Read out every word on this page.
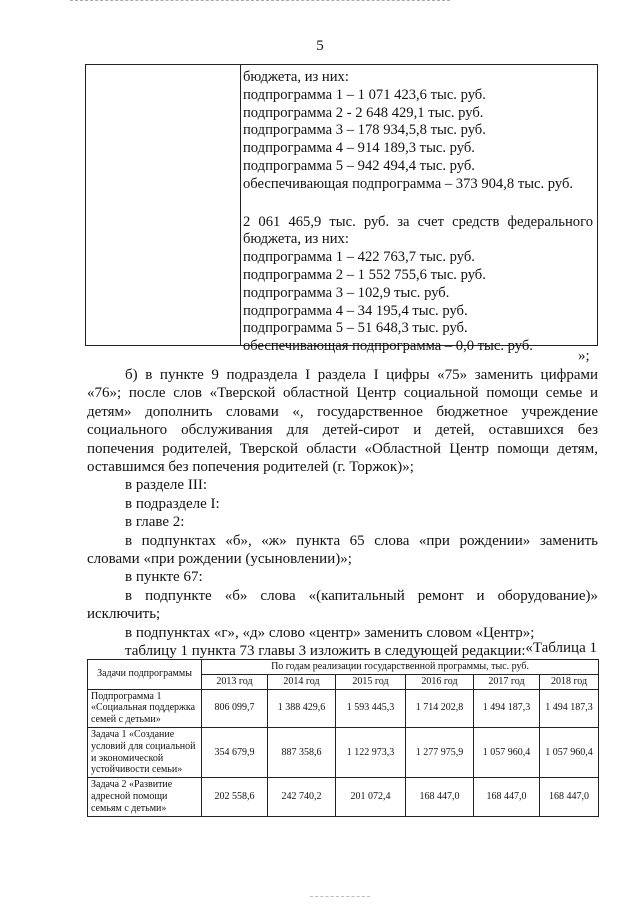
5
бюджета, из них:
подпрограмма 1 – 1 071 423,6 тыс. руб.
подпрограмма 2 - 2 648 429,1 тыс. руб.
подпрограмма 3 – 178 934,5,8 тыс. руб.
подпрограмма 4 – 914 189,3 тыс. руб.
подпрограмма 5 – 942 494,4 тыс. руб.
обеспечивающая подпрограмма – 373 904,8 тыс. руб.
2 061 465,9 тыс. руб. за счет средств федерального
бюджета, из них:
подпрограмма 1 – 422 763,7 тыс. руб.
подпрограмма 2 – 1 552 755,6 тыс. руб.
подпрограмма 3 – 102,9 тыс. руб.
подпрограмма 4 – 34 195,4 тыс. руб.
подпрограмма 5 – 51 648,3 тыс. руб.
обеспечивающая подпрограмма – 0,0 тыс. руб.
»;
б) в пункте 9 подраздела I раздела I цифры «75» заменить цифрами
«76»; после слов «Тверской областной Центр социальной помощи семье и
детям» дополнить словами «, государственное бюджетное учреждение
социального обслуживания для детей-сирот и детей, оставшихся без
попечения родителей, Тверской области «Областной Центр помощи детям,
оставшимся без попечения родителей (г. Торжок)»;
в разделе III:
в подразделе I:
в главе 2:
в подпунктах «б», «ж» пункта 65 слова «при рождении» заменить
словами «при рождении (усыновлении)»;
в пункте 67:
в подпункте «б» слова «(капитальный ремонт и оборудование)»
исключить;
в подпунктах «г», «д» слово «центр» заменить словом «Центр»;
таблицу 1 пункта 73 главы 3 изложить в следующей редакции: «Таблица 1
Задачи подпрограммы	По годам реализации государственной программы, тыс. руб.					
	2013 год	2014 год	2015 год	2016 год	2017 год	2018 год
Подпрограмма 1 «Социальная поддержка семей с детьми»	806 099,7	1 388 429,6	1 593 445,3	1 714 202,8	1 494 187,3	1 494 187,3
Задача 1 «Создание условий для социальной и экономической устойчивости семьи»	354 679,9	887 358,6	1 122 973,3	1 277 975,9	1 057 960,4	1 057 960,4
Задача 2 «Развитие адресной помощи семьям с детьми»	202 558,6	242 740,2	201 072,4	168 447,0	168 447,0	168 447,0
